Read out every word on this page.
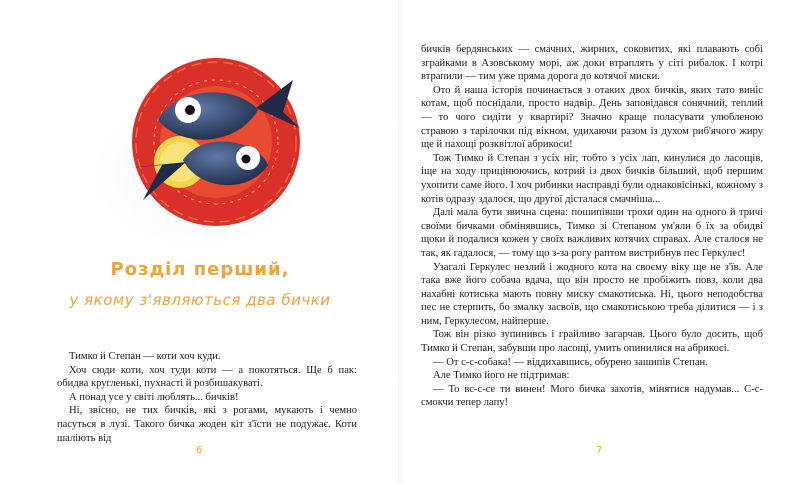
Розділ перший,
у якому з'являються два бички

Тимко й Степан — коти хоч куди.

Хоч сюди коти, хоч туди коти — а покотяться. Ще б пак: обидва кругленькі, пухнасті й розбишакуваті.

А понад усе у світі люблять... бичків!

Ні, звісно, не тих бичків, які з рогами, мукають і чемно пасуться в лузі. Такого бичка жоден кіт з'їсти не подужає. Коти шаліють від

6

бичків бердянських — смачних, жирних, соковитих, які плавають собі зграйками в Азовському морі, аж доки втраплять у сіті рибалок. І котрі втрапили — тим уже пряма дорога до котячої миски.

Ото й наша історія починається з отаких двох бичків, яких тато виніс котам, щоб поснідали, просто надвір. День заповідався сонячний, теплий — то чого сидіти у квартирі? Значно краще поласувати улюбленою стравою з тарілочки під вікном, удихаючи разом із духом риб'ячого жиру ще й пахощі розквітлої абрикоси!

Тож Тимко й Степан з усіх ніг, тобто з усіх лап, кинулися до ласощів, іще на ходу прицінюючись, котрий із двох бичків більший, щоб першим ухопити саме його. І хоч рибинки насправді були однаковісінькі, кожному з котів одразу здалося, що другої дісталася смачніша...

Далі мала бути звична сцена: пошипівши трохи один на одного й тричі своїми бичками обмінявшись, Тимко зі Степаном ум'яли б їх за обидві щоки й подалися кожен у своїх важливих котячих справах. Але сталося не так, як гадалося, — тому що з-за рогу раптом вистрибнув пес Геркулес!

Узагалі Геркулес незлий і жодного кота на своєму віку ще не з'їв. Але така вже його собача вдача, що він просто не пробіжить повз, коли два нахабні котиська мають повну миску смакотиська. Ні, цього неподобства пес не стерпить, бо змалку засвоїв, що смакотиською треба ділитися — і з ним, Геркулесом, найперше.

Тож він різко зупинивсь і грайливо загарчав. Цього було досить, щоб Тимко й Степан, забувши про ласощі, умить опинилися на абрикосі.

— От с-с-собака! — віддихавшись, обурено зашипів Степан.

Але Тимко його не підтримав:

— То вс-с-се ти винен! Мого бичка захотів, мінятися надумав... С-с-смокчи тепер лапу!

7
